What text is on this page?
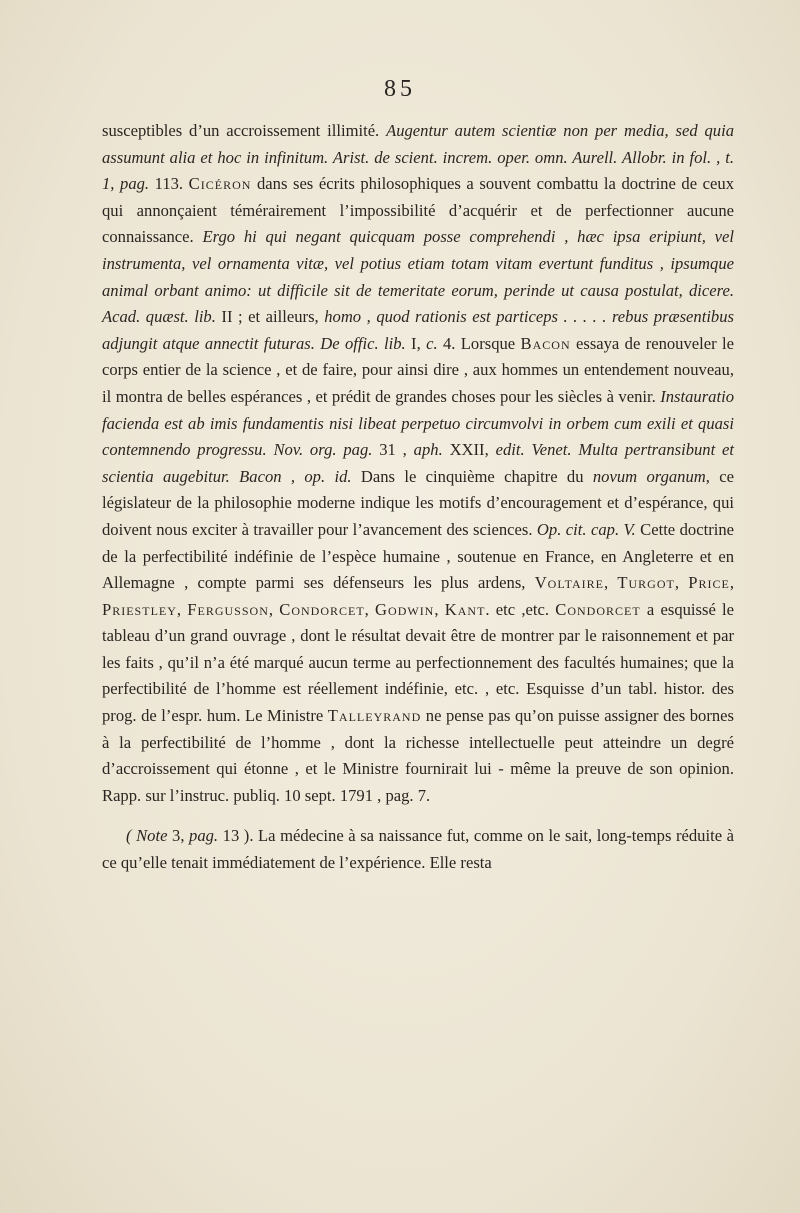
85

susceptibles d’un accroissement illimité. Augentur autem scientiæ non per media, sed quia assumunt alia et hoc in infinitum. Arist. de scient. increm. oper. omn. Aurell. Allobr. in fol. , t. 1, pag. 113. Cicéron dans ses écrits philosophiques a souvent combattu la doctrine de ceux qui annonçaient témérairement l’impossibilité d’acquérir et de perfectionner aucune connaissance. Ergo hi qui negant quicquam posse comprehendi , hæc ipsa eripiunt, vel instrumenta, vel ornamenta vitæ, vel potius etiam totam vitam evertunt funditus , ipsumque animal orbant animo: ut difficile sit de temeritate eorum, perinde ut causa postulat, dicere. Acad. quæst. lib. II ; et ailleurs, homo , quod rationis est particeps . . . . . rebus præsentibus adjungit atque annectit futuras. De offic. lib. I, c. 4. Lorsque Bacon essaya de renouveler le corps entier de la science , et de faire, pour ainsi dire , aux hommes un entendement nouveau, il montra de belles espérances , et prédit de grandes choses pour les siècles à venir. Instauratio facienda est ab imis fundamentis nisi libeat perpetuo circumvolvi in orbem cum exili et quasi contemnendo progressu. Nov. org. pag. 31 , aph. XXII, edit. Venet. Multa pertransibunt et scientia augebitur. Bacon , op. id. Dans le cinquième chapitre du novum organum, ce législateur de la philosophie moderne indique les motifs d’encouragement et d’espérance, qui doivent nous exciter à travailler pour l’avancement des sciences. Op. cit. cap. V. Cette doctrine de la perfectibilité indéfinie de l’espèce humaine , soutenue en France, en Angleterre et en Allemagne , compte parmi ses défenseurs les plus ardens, Voltaire, Turgot, Price, Priestley, Fergusson, Condorcet, Godwin, Kant. etc ,etc. Condorcet a esquissé le tableau d’un grand ouvrage , dont le résultat devait être de montrer par le raisonnement et par les faits , qu’il n’a été marqué aucun terme au perfectionnement des facultés humaines; que la perfectibilité de l’homme est réellement indéfinie, etc. , etc. Esquisse d’un tabl. histor. des prog. de l’espr. hum. Le Ministre Talleyrand ne pense pas qu’on puisse assigner des bornes à la perfectibilité de l’homme , dont la richesse intellectuelle peut atteindre un degré d’accroissement qui étonne , et le Ministre fournirait lui - même la preuve de son opinion. Rapp. sur l’instruc. publiq. 10 sept. 1791 , pag. 7.

( Note 3, pag. 13 ). La médecine à sa naissance fut, comme on le sait, long-temps réduite à ce qu’elle tenait immédiatement de l’expérience. Elle resta
